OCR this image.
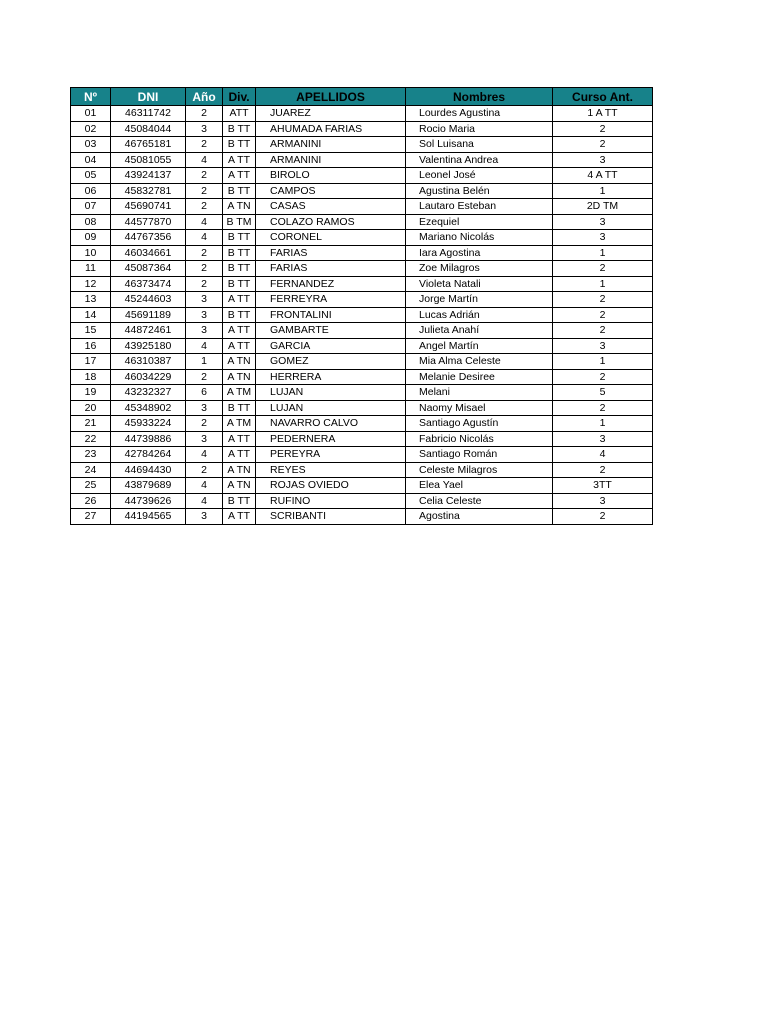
Nº	DNI	Año	Div.	APELLIDOS	Nombres	Curso Ant.
01	46311742	2	ATT	JUAREZ	Lourdes Agustina	1 A TT
02	45084044	3	B TT	AHUMADA FARIAS	Rocio Maria	2
03	46765181	2	B TT	ARMANINI	Sol Luisana	2
04	45081055	4	A TT	ARMANINI	Valentina Andrea	3
05	43924137	2	A TT	BIROLO	Leonel José	4 A TT
06	45832781	2	B TT	CAMPOS	Agustina Belén	1
07	45690741	2	A TN	CASAS	Lautaro Esteban	2D TM
08	44577870	4	B TM	COLAZO RAMOS	Ezequiel	3
09	44767356	4	B TT	CORONEL	Mariano Nicolás	3
10	46034661	2	B TT	FARIAS	Iara Agostina	1
11	45087364	2	B TT	FARIAS	Zoe Milagros	2
12	46373474	2	B TT	FERNANDEZ	Violeta Natali	1
13	45244603	3	A TT	FERREYRA	Jorge Martín	2
14	45691189	3	B TT	FRONTALINI	Lucas Adrián	2
15	44872461	3	A TT	GAMBARTE	Julieta Anahí	2
16	43925180	4	A TT	GARCIA	Angel Martín	3
17	46310387	1	A TN	GOMEZ	Mia Alma Celeste	1
18	46034229	2	A TN	HERRERA	Melanie Desiree	2
19	43232327	6	A TM	LUJAN	Melani	5
20	45348902	3	B TT	LUJAN	Naomy Misael	2
21	45933224	2	A TM	NAVARRO CALVO	Santiago Agustín	1
22	44739886	3	A TT	PEDERNERA	Fabricio Nicolás	3
23	42784264	4	A TT	PEREYRA	Santiago Román	4
24	44694430	2	A TN	REYES	Celeste Milagros	2
25	43879689	4	A TN	ROJAS OVIEDO	Elea Yael	3TT
26	44739626	4	B TT	RUFINO	Celia Celeste	3
27	44194565	3	A TT	SCRIBANTI	Agostina	2
